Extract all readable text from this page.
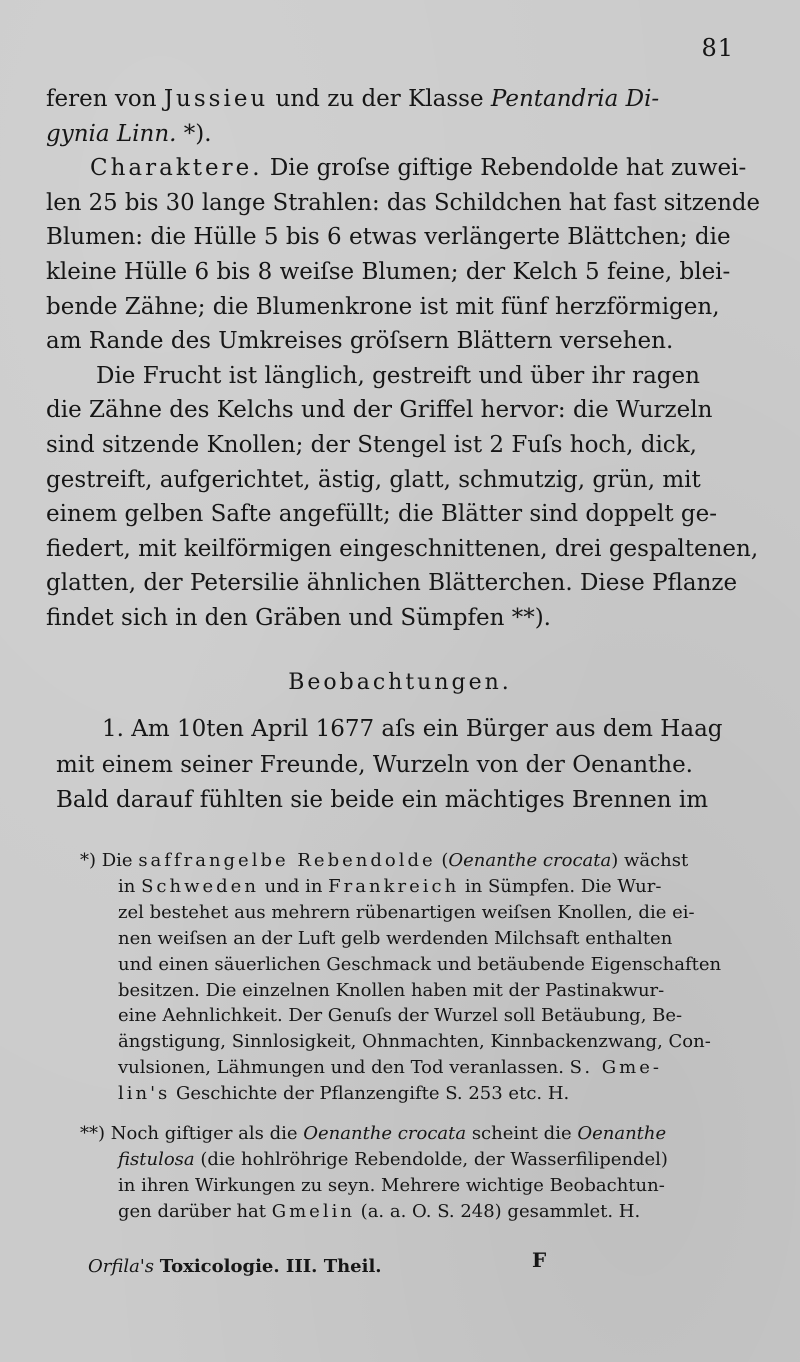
81
feren von Jussieu und zu der Klasse Pentandria Di-
gynia Linn. *).
Charaktere. Die groſse giftige Rebendolde hat zuwei-
len 25 bis 30 lange Strahlen: das Schildchen hat fast sitzende
Blumen: die Hülle 5 bis 6 etwas verlängerte Blättchen; die
kleine Hülle 6 bis 8 weiſse Blumen; der Kelch 5 feine, blei-
bende Zähne; die Blumenkrone ist mit fünf herzförmigen,
am Rande des Umkreises gröſsern Blättern versehen.
Die Frucht ist länglich, gestreift und über ihr ragen
die Zähne des Kelchs und der Griffel hervor: die Wurzeln
sind sitzende Knollen; der Stengel ist 2 Fuſs hoch, dick,
gestreift, aufgerichtet, ästig, glatt, schmutzig, grün, mit
einem gelben Safte angefüllt; die Blätter sind doppelt ge-
fiedert, mit keilförmigen eingeschnittenen, drei gespaltenen,
glatten, der Petersilie ähnlichen Blätterchen. Diese Pflanze
findet sich in den Gräben und Sümpfen **).
Beobachtungen.
1. Am 10ten April 1677 aſs ein Bürger aus dem Haag
mit einem seiner Freunde, Wurzeln von der Oenanthe.
Bald darauf fühlten sie beide ein mächtiges Brennen im
*) Die saffrangelbe Rebendolde (Oenanthe crocata) wächst
in Schweden und in Frankreich in Sümpfen. Die Wur-
zel bestehet aus mehrern rübenartigen weiſsen Knollen, die ei-
nen weiſsen an der Luft gelb werdenden Milchsaft enthalten
und einen säuerlichen Geschmack und betäubende Eigenschaften
besitzen. Die einzelnen Knollen haben mit der Pastinakwur-
eine Aehnlichkeit. Der Genuſs der Wurzel soll Betäubung, Be-
ängstigung, Sinnlosigkeit, Ohnmachten, Kinnbackenzwang, Con-
vulsionen, Lähmungen und den Tod veranlassen. S. Gme-
lin's Geschichte der Pflanzengifte S. 253 etc. H.
**) Noch giftiger als die Oenanthe crocata scheint die Oenanthe
fistulosa (die hohlröhrige Rebendolde, der Wasserfilipendel)
in ihren Wirkungen zu seyn. Mehrere wichtige Beobachtun-
gen darüber hat Gmelin (a. a. O. S. 248) gesammlet. H.
Orfila's Toxicologie. III. Theil.	F
